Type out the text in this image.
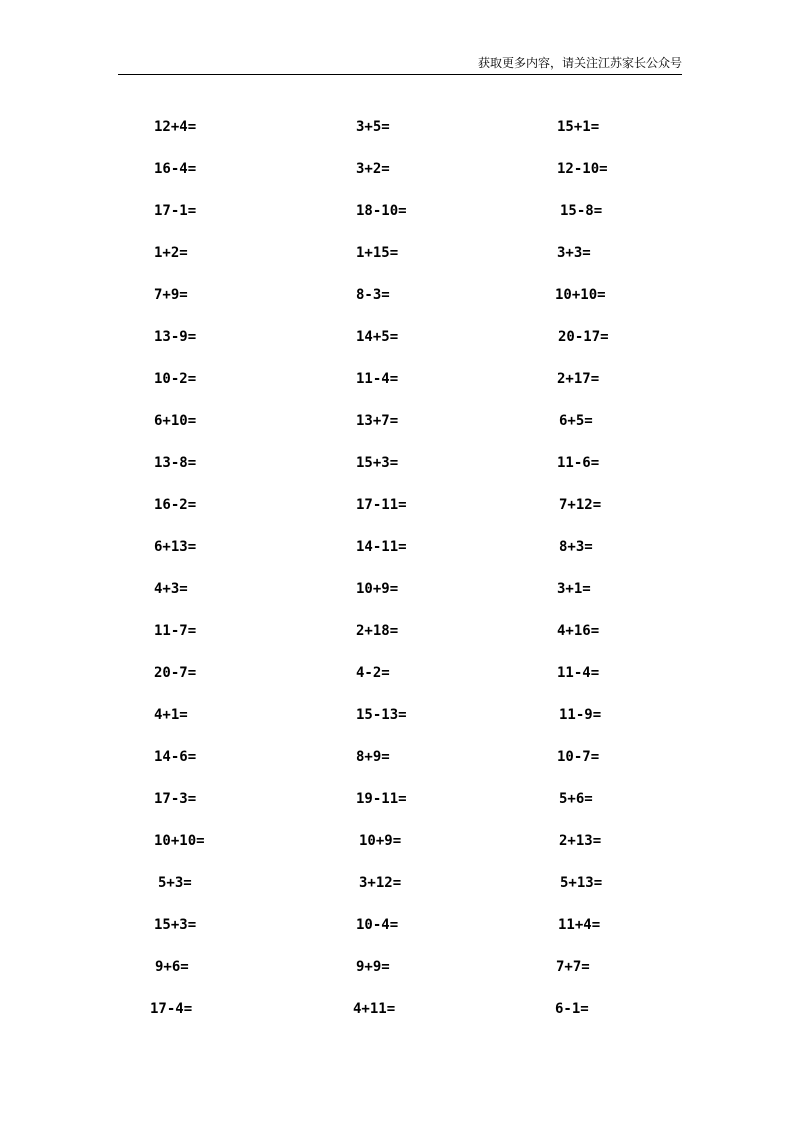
获取更多内容，请关注江苏家长公众号
12+4=	3+5=	15+1=
16-4=	3+2=	12-10=
17-1=	18-10=	15-8=
1+2=	1+15=	3+3=
7+9=	8-3=	10+10=
13-9=	14+5=	20-17=
10-2=	11-4=	2+17=
6+10=	13+7=	6+5=
13-8=	15+3=	11-6=
16-2=	17-11=	7+12=
6+13=	14-11=	8+3=
4+3=	10+9=	3+1=
11-7=	2+18=	4+16=
20-7=	4-2=	11-4=
4+1=	15-13=	11-9=
14-6=	8+9=	10-7=
17-3=	19-11=	5+6=
10+10=	10+9=	2+13=
5+3=	3+12=	5+13=
15+3=	10-4=	11+4=
9+6=	9+9=	7+7=
17-4=	4+11=	6-1=
